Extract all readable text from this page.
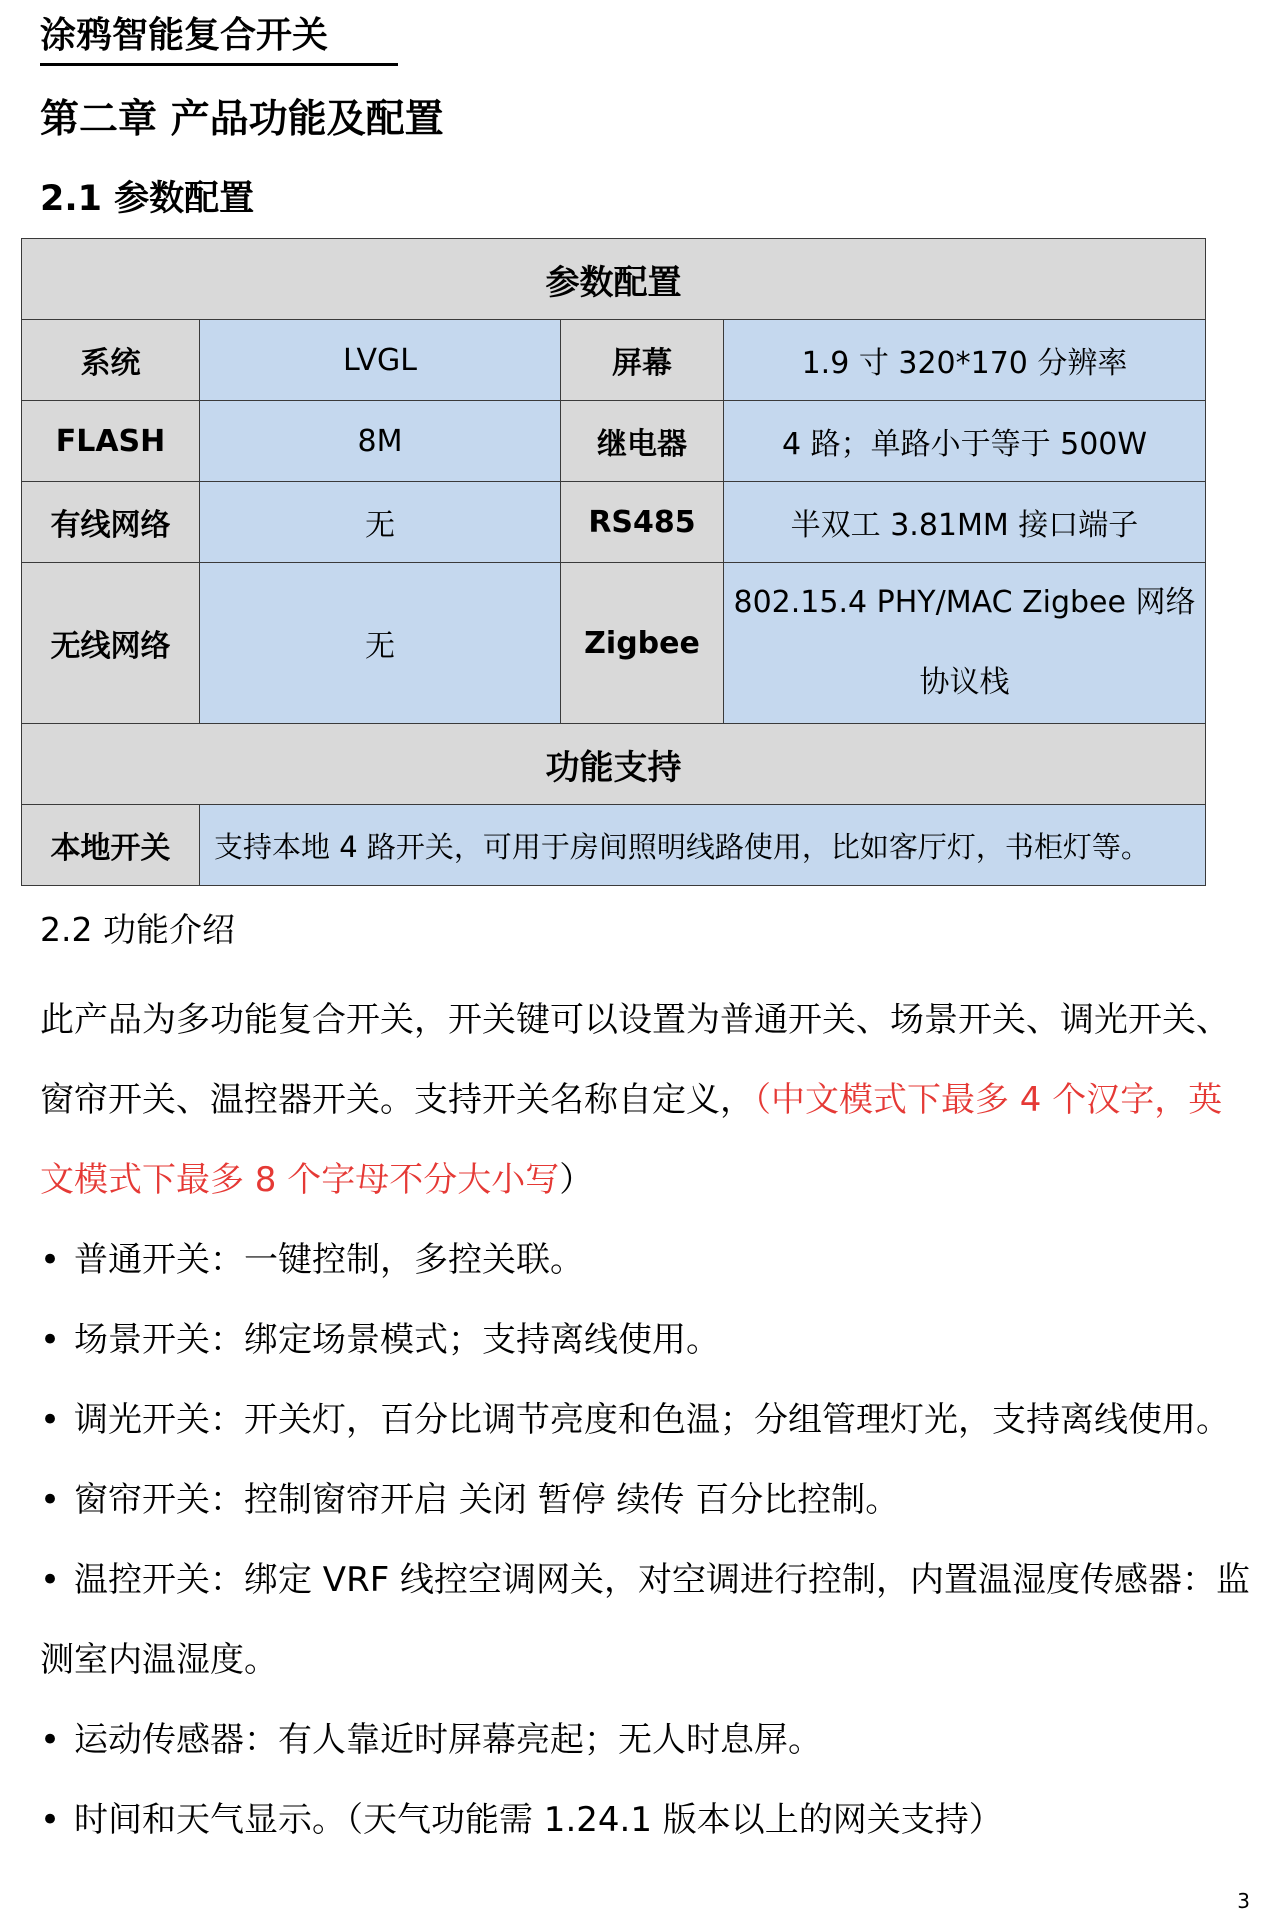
涂鸦智能复合开关
第二章 产品功能及配置
2.1 参数配置
参数配置			
系统	LVGL	屏幕	1.9 寸 320*170 分辨率
FLASH	8M	继电器	4 路；单路小于等于 500W
有线网络	无	RS485	半双工 3.81MM 接口端子
无线网络	无	Zigbee	802.15.4 PHY/MAC Zigbee 网络协议栈
功能支持			
本地开关	支持本地 4 路开关，可用于房间照明线路使用，比如客厅灯，书柜灯等。		
2.2 功能介绍

此产品为多功能复合开关，开关键可以设置为普通开关、场景开关、调光开关、窗帘开关、温控器开关。支持开关名称自定义，（中文模式下最多 4 个汉字，英文模式下最多 8 个字母不分大小写）

• 普通开关：一键控制，多控关联。
• 场景开关：绑定场景模式；支持离线使用。
• 调光开关：开关灯，百分比调节亮度和色温；分组管理灯光，支持离线使用。
• 窗帘开关：控制窗帘开启 关闭 暂停 续传 百分比控制。
• 温控开关：绑定 VRF 线控空调网关，对空调进行控制，内置温湿度传感器：监测室内温湿度。
• 运动传感器：有人靠近时屏幕亮起；无人时息屏。
• 时间和天气显示。（天气功能需 1.24.1 版本以上的网关支持）
3
